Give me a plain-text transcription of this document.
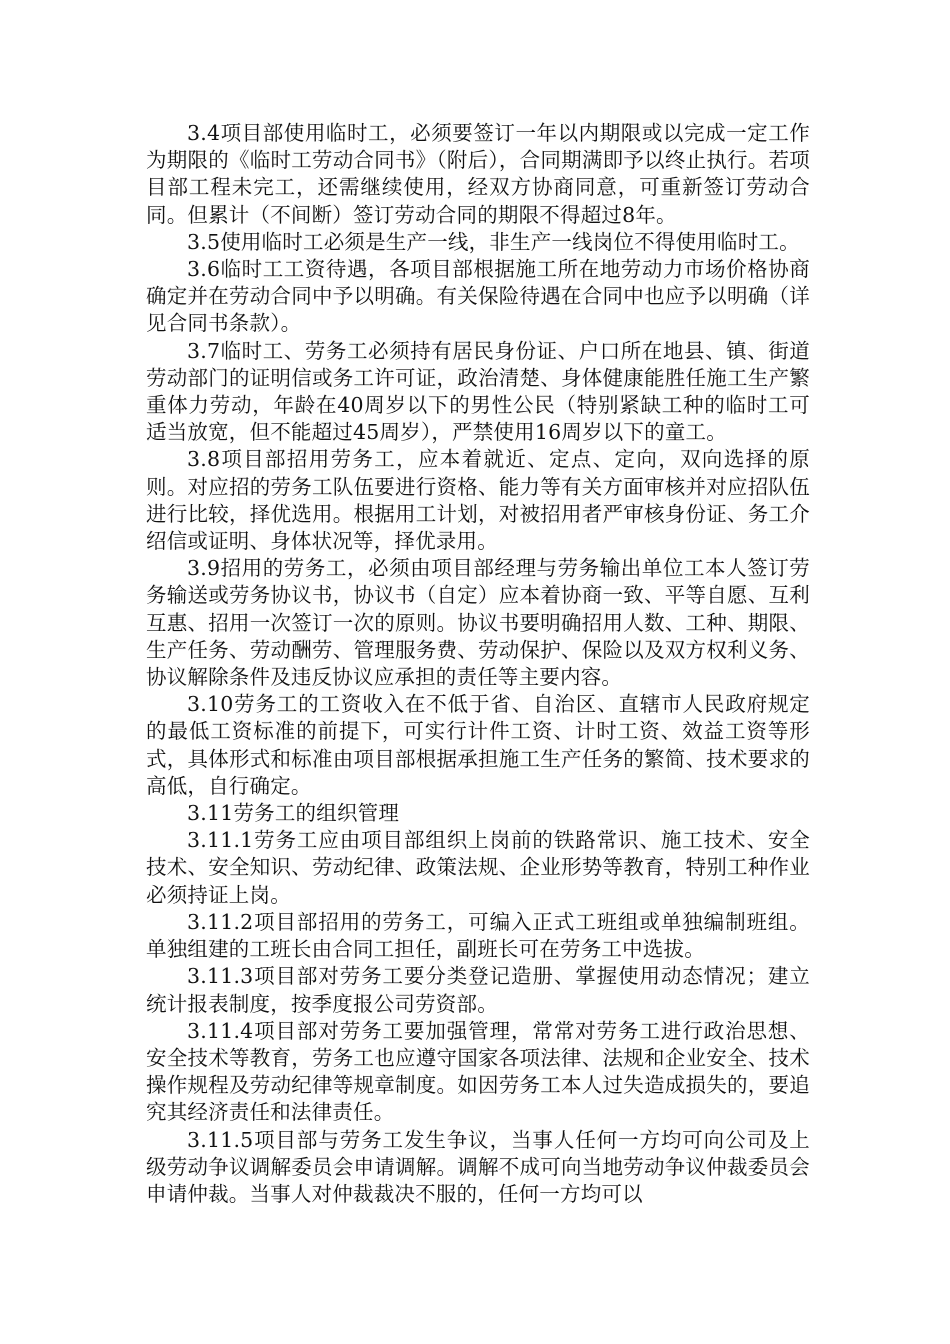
3.4项目部使用临时工，必须要签订一年以内期限或以完成一定工作为期限的《临时工劳动合同书》（附后），合同期满即予以终止执行。若项目部工程未完工，还需继续使用，经双方协商同意，可重新签订劳动合同。但累计（不间断）签订劳动合同的期限不得超过8年。

3.5使用临时工必须是生产一线，非生产一线岗位不得使用临时工。

3.6临时工工资待遇，各项目部根据施工所在地劳动力市场价格协商确定并在劳动合同中予以明确。有关保险待遇在合同中也应予以明确（详见合同书条款）。

3.7临时工、劳务工必须持有居民身份证、户口所在地县、镇、街道劳动部门的证明信或务工许可证，政治清楚、身体健康能胜任施工生产繁重体力劳动，年龄在40周岁以下的男性公民（特别紧缺工种的临时工可适当放宽，但不能超过45周岁），严禁使用16周岁以下的童工。

3.8项目部招用劳务工，应本着就近、定点、定向，双向选择的原则。对应招的劳务工队伍要进行资格、能力等有关方面审核并对应招队伍进行比较，择优选用。根据用工计划，对被招用者严审核身份证、务工介绍信或证明、身体状况等，择优录用。

3.9招用的劳务工，必须由项目部经理与劳务输出单位工本人签订劳务输送或劳务协议书，协议书（自定）应本着协商一致、平等自愿、互利互惠、招用一次签订一次的原则。协议书要明确招用人数、工种、期限、生产任务、劳动酬劳、管理服务费、劳动保护、保险以及双方权利义务、协议解除条件及违反协议应承担的责任等主要内容。

3.10劳务工的工资收入在不低于省、自治区、直辖市人民政府规定的最低工资标准的前提下，可实行计件工资、计时工资、效益工资等形式，具体形式和标准由项目部根据承担施工生产任务的繁简、技术要求的高低，自行确定。

3.11劳务工的组织管理

3.11.1劳务工应由项目部组织上岗前的铁路常识、施工技术、安全技术、安全知识、劳动纪律、政策法规、企业形势等教育，特别工种作业必须持证上岗。

3.11.2项目部招用的劳务工，可编入正式工班组或单独编制班组。单独组建的工班长由合同工担任，副班长可在劳务工中选拔。

3.11.3项目部对劳务工要分类登记造册、掌握使用动态情况；建立统计报表制度，按季度报公司劳资部。

3.11.4项目部对劳务工要加强管理，常常对劳务工进行政治思想、安全技术等教育，劳务工也应遵守国家各项法律、法规和企业安全、技术操作规程及劳动纪律等规章制度。如因劳务工本人过失造成损失的，要追究其经济责任和法律责任。

3.11.5项目部与劳务工发生争议，当事人任何一方均可向公司及上级劳动争议调解委员会申请调解。调解不成可向当地劳动争议仲裁委员会申请仲裁。当事人对仲裁裁决不服的，任何一方均可以
